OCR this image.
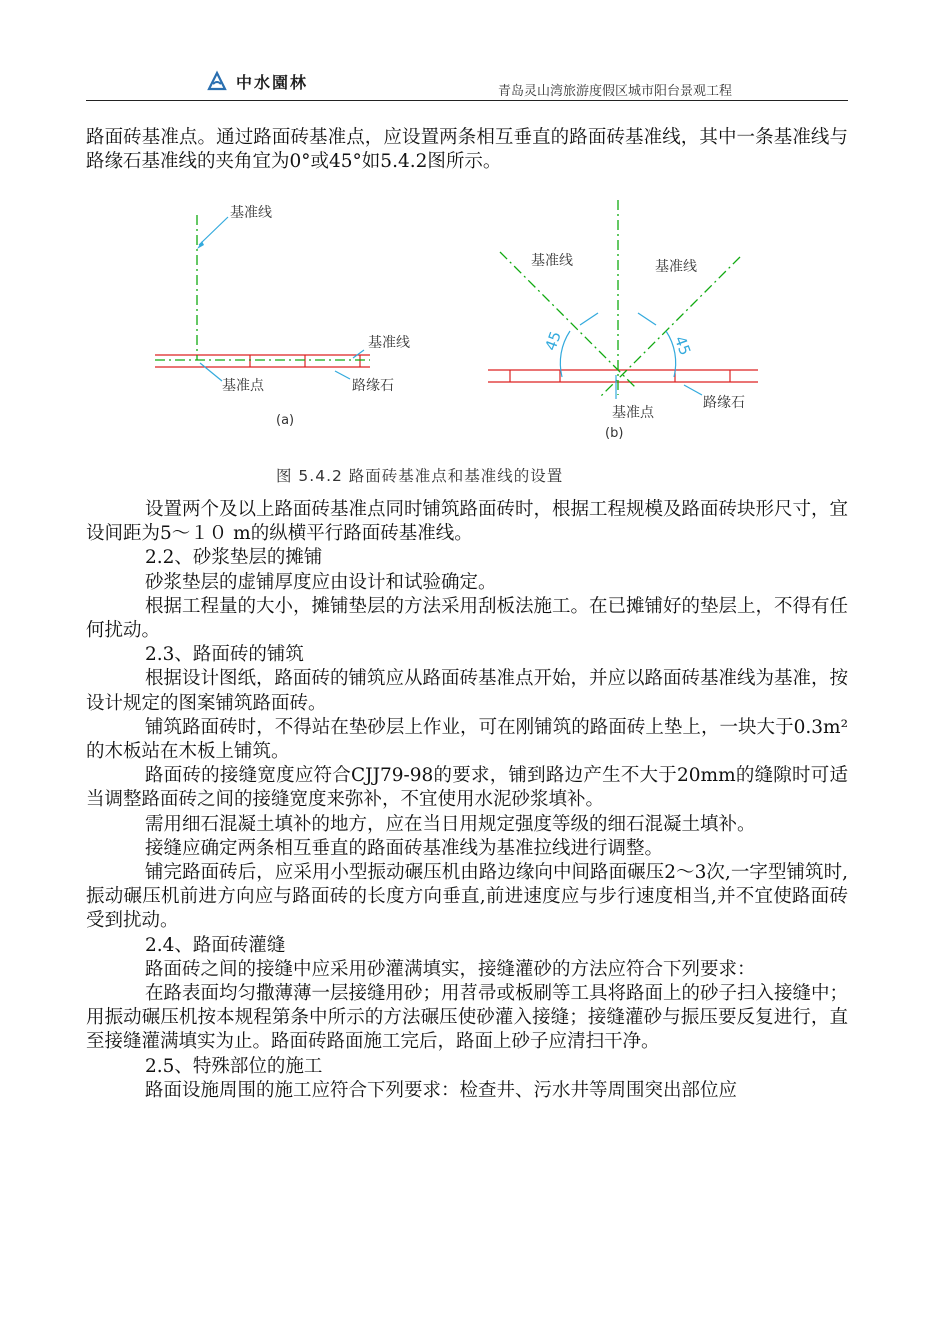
中水園林	青岛灵山湾旅游度假区城市阳台景观工程

路面砖基准点。通过路面砖基准点，应设置两条相互垂直的路面砖基准线，其中一条基准线与路缘石基准线的夹角宜为0°或45°如5.4.2图所示。

基准线
基准线
基准点	路缘石
(a)
基准线	基准线
45	45
基准点
路缘石
(b)
图 5.4.2 路面砖基准点和基准线的设置

设置两个及以上路面砖基准点同时铺筑路面砖时，根据工程规模及路面砖块形尺寸，宜设间距为5～１０ m的纵横平行路面砖基准线。

2.2、砂浆垫层的摊铺

砂浆垫层的虚铺厚度应由设计和试验确定。

根据工程量的大小，摊铺垫层的方法采用刮板法施工。在已摊铺好的垫层上，不得有任何扰动。

2.3、路面砖的铺筑

根据设计图纸，路面砖的铺筑应从路面砖基准点开始，并应以路面砖基准线为基准，按设计规定的图案铺筑路面砖。

铺筑路面砖时，不得站在垫砂层上作业，可在刚铺筑的路面砖上垫上，一块大于0.3m²的木板站在木板上铺筑。

路面砖的接缝宽度应符合CJJ79-98的要求，铺到路边产生不大于20mm的缝隙时可适当调整路面砖之间的接缝宽度来弥补，不宜使用水泥砂浆填补。

需用细石混凝土填补的地方，应在当日用规定强度等级的细石混凝土填补。

接缝应确定两条相互垂直的路面砖基准线为基准拉线进行调整。

铺完路面砖后，应采用小型振动碾压机由路边缘向中间路面碾压2～3次,一字型铺筑时,振动碾压机前进方向应与路面砖的长度方向垂直,前进速度应与步行速度相当,并不宜使路面砖受到扰动。

2.4、路面砖灌缝

路面砖之间的接缝中应采用砂灌满填实，接缝灌砂的方法应符合下列要求：

在路表面均匀撒薄薄一层接缝用砂；用苕帚或板刷等工具将路面上的砂子扫入接缝中；用振动碾压机按本规程第条中所示的方法碾压使砂灌入接缝；接缝灌砂与振压要反复进行，直至接缝灌满填实为止。路面砖路面施工完后，路面上砂子应清扫干净。

2.5、特殊部位的施工

路面设施周围的施工应符合下列要求：检查井、污水井等周围突出部位应
